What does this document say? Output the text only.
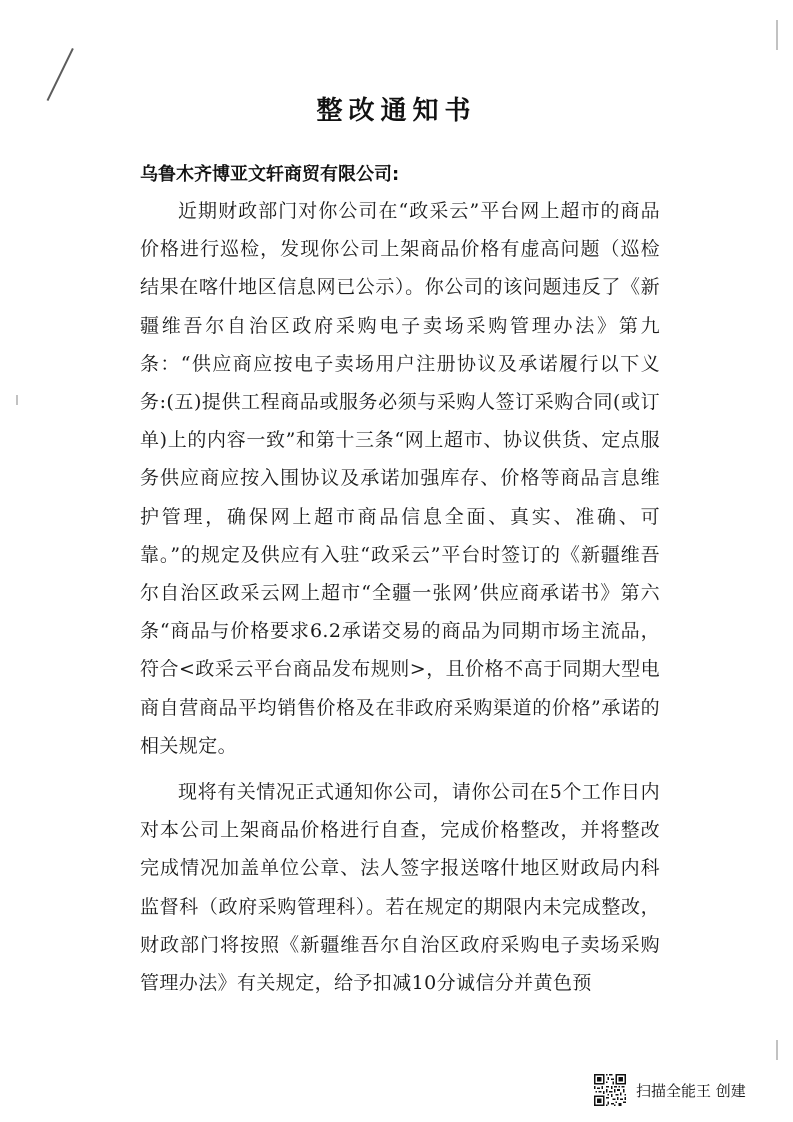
整改通知书
乌鲁木齐博亚文轩商贸有限公司:

近期财政部门对你公司在“政采云”平台网上超市的商品价格进行巡检，发现你公司上架商品价格有虚高问题（巡检结果在喀什地区信息网已公示）。你公司的该问题违反了《新疆维吾尔自治区政府采购电子卖场采购管理办法》第九条：“供应商应按电子卖场用户注册协议及承诺履行以下义务:(五)提供工程商品或服务必须与采购人签订采购合同(或订单)上的内容一致”和第十三条“网上超市、协议供货、定点服务供应商应按入围协议及承诺加强库存、价格等商品言息维护管理，确保网上超市商品信息全面、真实、准确、可靠。”的规定及供应有入驻“政采云”平台时签订的《新疆维吾尔自治区政采云网上超市“全疆一张网’供应商承诺书》第六条“商品与价格要求6.2承诺交易的商品为同期市场主流品，符合<政采云平台商品发布规则>，且价格不高于同期大型电商自营商品平均销售价格及在非政府采购渠道的价格”承诺的相关规定。

现将有关情况正式通知你公司，请你公司在5个工作日内对本公司上架商品价格进行自查，完成价格整改，并将整改完成情况加盖单位公章、法人签字报送喀什地区财政局内科监督科（政府采购管理科）。若在规定的期限内未完成整改，财政部门将按照《新疆维吾尔自治区政府采购电子卖场采购管理办法》有关规定，给予扣减10分诚信分并黄色预

扫描全能王 创建
